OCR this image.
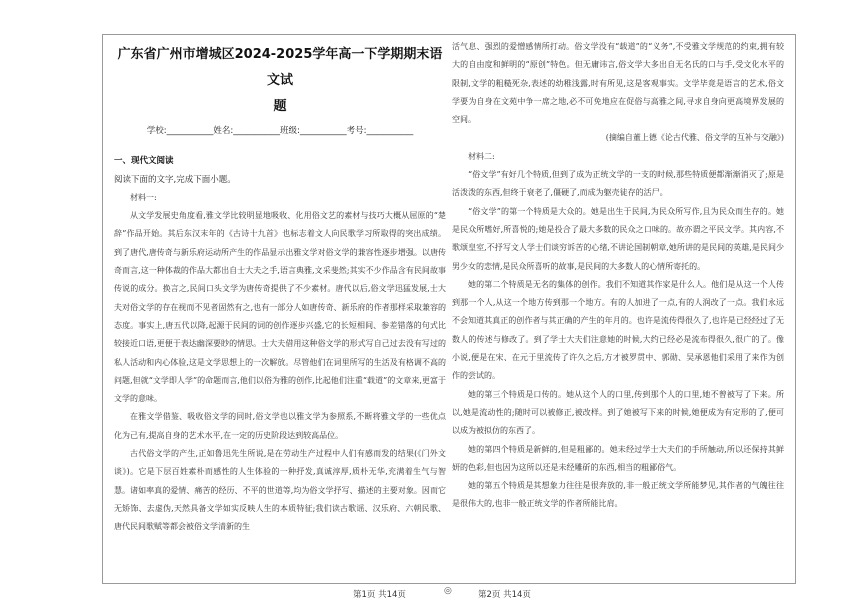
广东省广州市增城区2024-2025学年高一下学期期末语文试
题
学校:___________姓名:___________班级:___________考号:___________
一、现代文阅读
阅读下面的文字,完成下面小题。

材料一:

从文学发展史角度看,雅文学比较明显地吸收、化用俗文艺的素材与技巧大概从屈原的“楚辞”作品开始。其后东汉末年的《古诗十九首》也标志着文人向民歌学习所取得的突出成绩。到了唐代,唐传奇与新乐府运动所产生的作品显示出雅文学对俗文学的兼容性逐步增强。以唐传奇而言,这一种体裁的作品大都出自士大夫之手,语言典雅,文采斐然;其实不少作品含有民间故事传说的成分。换言之,民间口头文学为唐传奇提供了不少素材。唐代以后,俗文学迅猛发展,士大夫对俗文学的存在视而不见者固然有之,也有一部分人如唐传奇、新乐府的作者那样采取兼容的态度。事实上,唐五代以降,起源于民间的词的创作逐步兴盛,它的长短相间、参差错落的句式比较接近口语,更便于表达幽深要眇的情思。士大夫借用这种俗文学的形式写自己过去没有写过的私人活动和内心体验,这是文学思想上的一次解放。尽管他们在词里所写的生活及有格调不高的问题,但就“文学即人学”的命题而言,他们以俗为雅的创作,比起他们注重“载道”的文章来,更富于文学的意味。

在雅文学借鉴、吸收俗文学的同时,俗文学也以雅文学为参照系,不断将雅文学的一些优点化为己有,提高自身的艺术水平,在一定的历史阶段达到较高品位。

古代俗文学的产生,正如鲁迅先生所说,是在劳动生产过程中人们有感而发的结果(《门外文谈》)。它是下层百姓素朴而感性的人生体验的一种抒发,真诚淳厚,质朴无华,充满着生气与智慧。诸如率真的爱情、痛苦的经历、不平的世道等,均为俗文学抒写、描述的主要对象。因而它无矫饰、去虚伪,天然具备文学如实反映人生的本质特征;我们读古歌谣、汉乐府、六朝民歌、唐代民间歌赋等都会被俗文学清新的生

活气息、强烈的爱憎感情所打动。俗文学没有“载道”的“义务”,不受雅文学规范的约束,拥有较大的自由度和鲜明的“原创”特色。但无庸讳言,俗文学大多出自无名氏的口与手,受文化水平的限制,文学的粗糙死杂,表述的幼稚浅露,时有所见,这是客观事实。文学毕竟是语言的艺术,俗文学要为自身在文苑中争一席之地,必不可免地应在促俗与高雅之间,寻求自身向更高境界发展的空间。

(摘编自董上德《论古代雅、俗文学的互补与交融》)

材料二:

“俗文学”有好几个特质,但到了成为正统文学的一支的时候,那些特质便都渐渐消灭了;原是活泼泼的东西,但终于衰老了,僵硬了,而成为躯壳徒存的活尸。

“俗文学”的第一个特质是大众的。她是出生于民间,为民众所写作,且为民众而生存的。她是民众所嗜好,所喜悦的;她是投合了最大多数的民众之口味的。故亦谓之平民文学。其内容,不歌颂皇室,不抒写文人学士们谈穷诉苦的心绪,不讲论国制朝章,她所讲的是民间的英雄,是民间少男少女的恋情,是民众所喜听的故事,是民间的大多数人的心情所寄托的。

她的第二个特质是无名的集体的创作。我们不知道其作家是什么人。他们是从这一个人传到那一个人,从这一个地方传到那一个地方。有的人加进了一点,有的人润改了一点。我们永远不会知道其真正的创作者与其正确的产生的年月的。也许是流传得很久了,也许是已经经过了无数人的传述与修改了。到了学士大夫们注意她的时候,大约已经必是流布得很久,很广的了。像小说,便是在宋、在元于里流传了许久之后,方才被罗贯中、郭勋、吴承恩他们采用了来作为创作的尝试的。

她的第三个特质是口传的。她从这个人的口里,传到那个人的口里,她不曾被写了下来。所以,她是流动性的;随时可以被修正,被改样。到了她被写下来的时候,她便成为有定形的了,便可以成为被拟仿的东西了。

她的第四个特质是新鲜的,但是粗鄙的。她未经过学士大夫们的手所触动,所以还保持其鲜妍的色彩,但也因为这所以还是未经雕斫的东西,相当的粗鄙俗气。

她的第五个特质是其想象力往往是很奔放的,非一般正统文学所能梦见,其作者的气魄往往是很伟大的,也非一般正统文学的作者所能比肩。

第1页 共14页	◎	第2页 共14页
